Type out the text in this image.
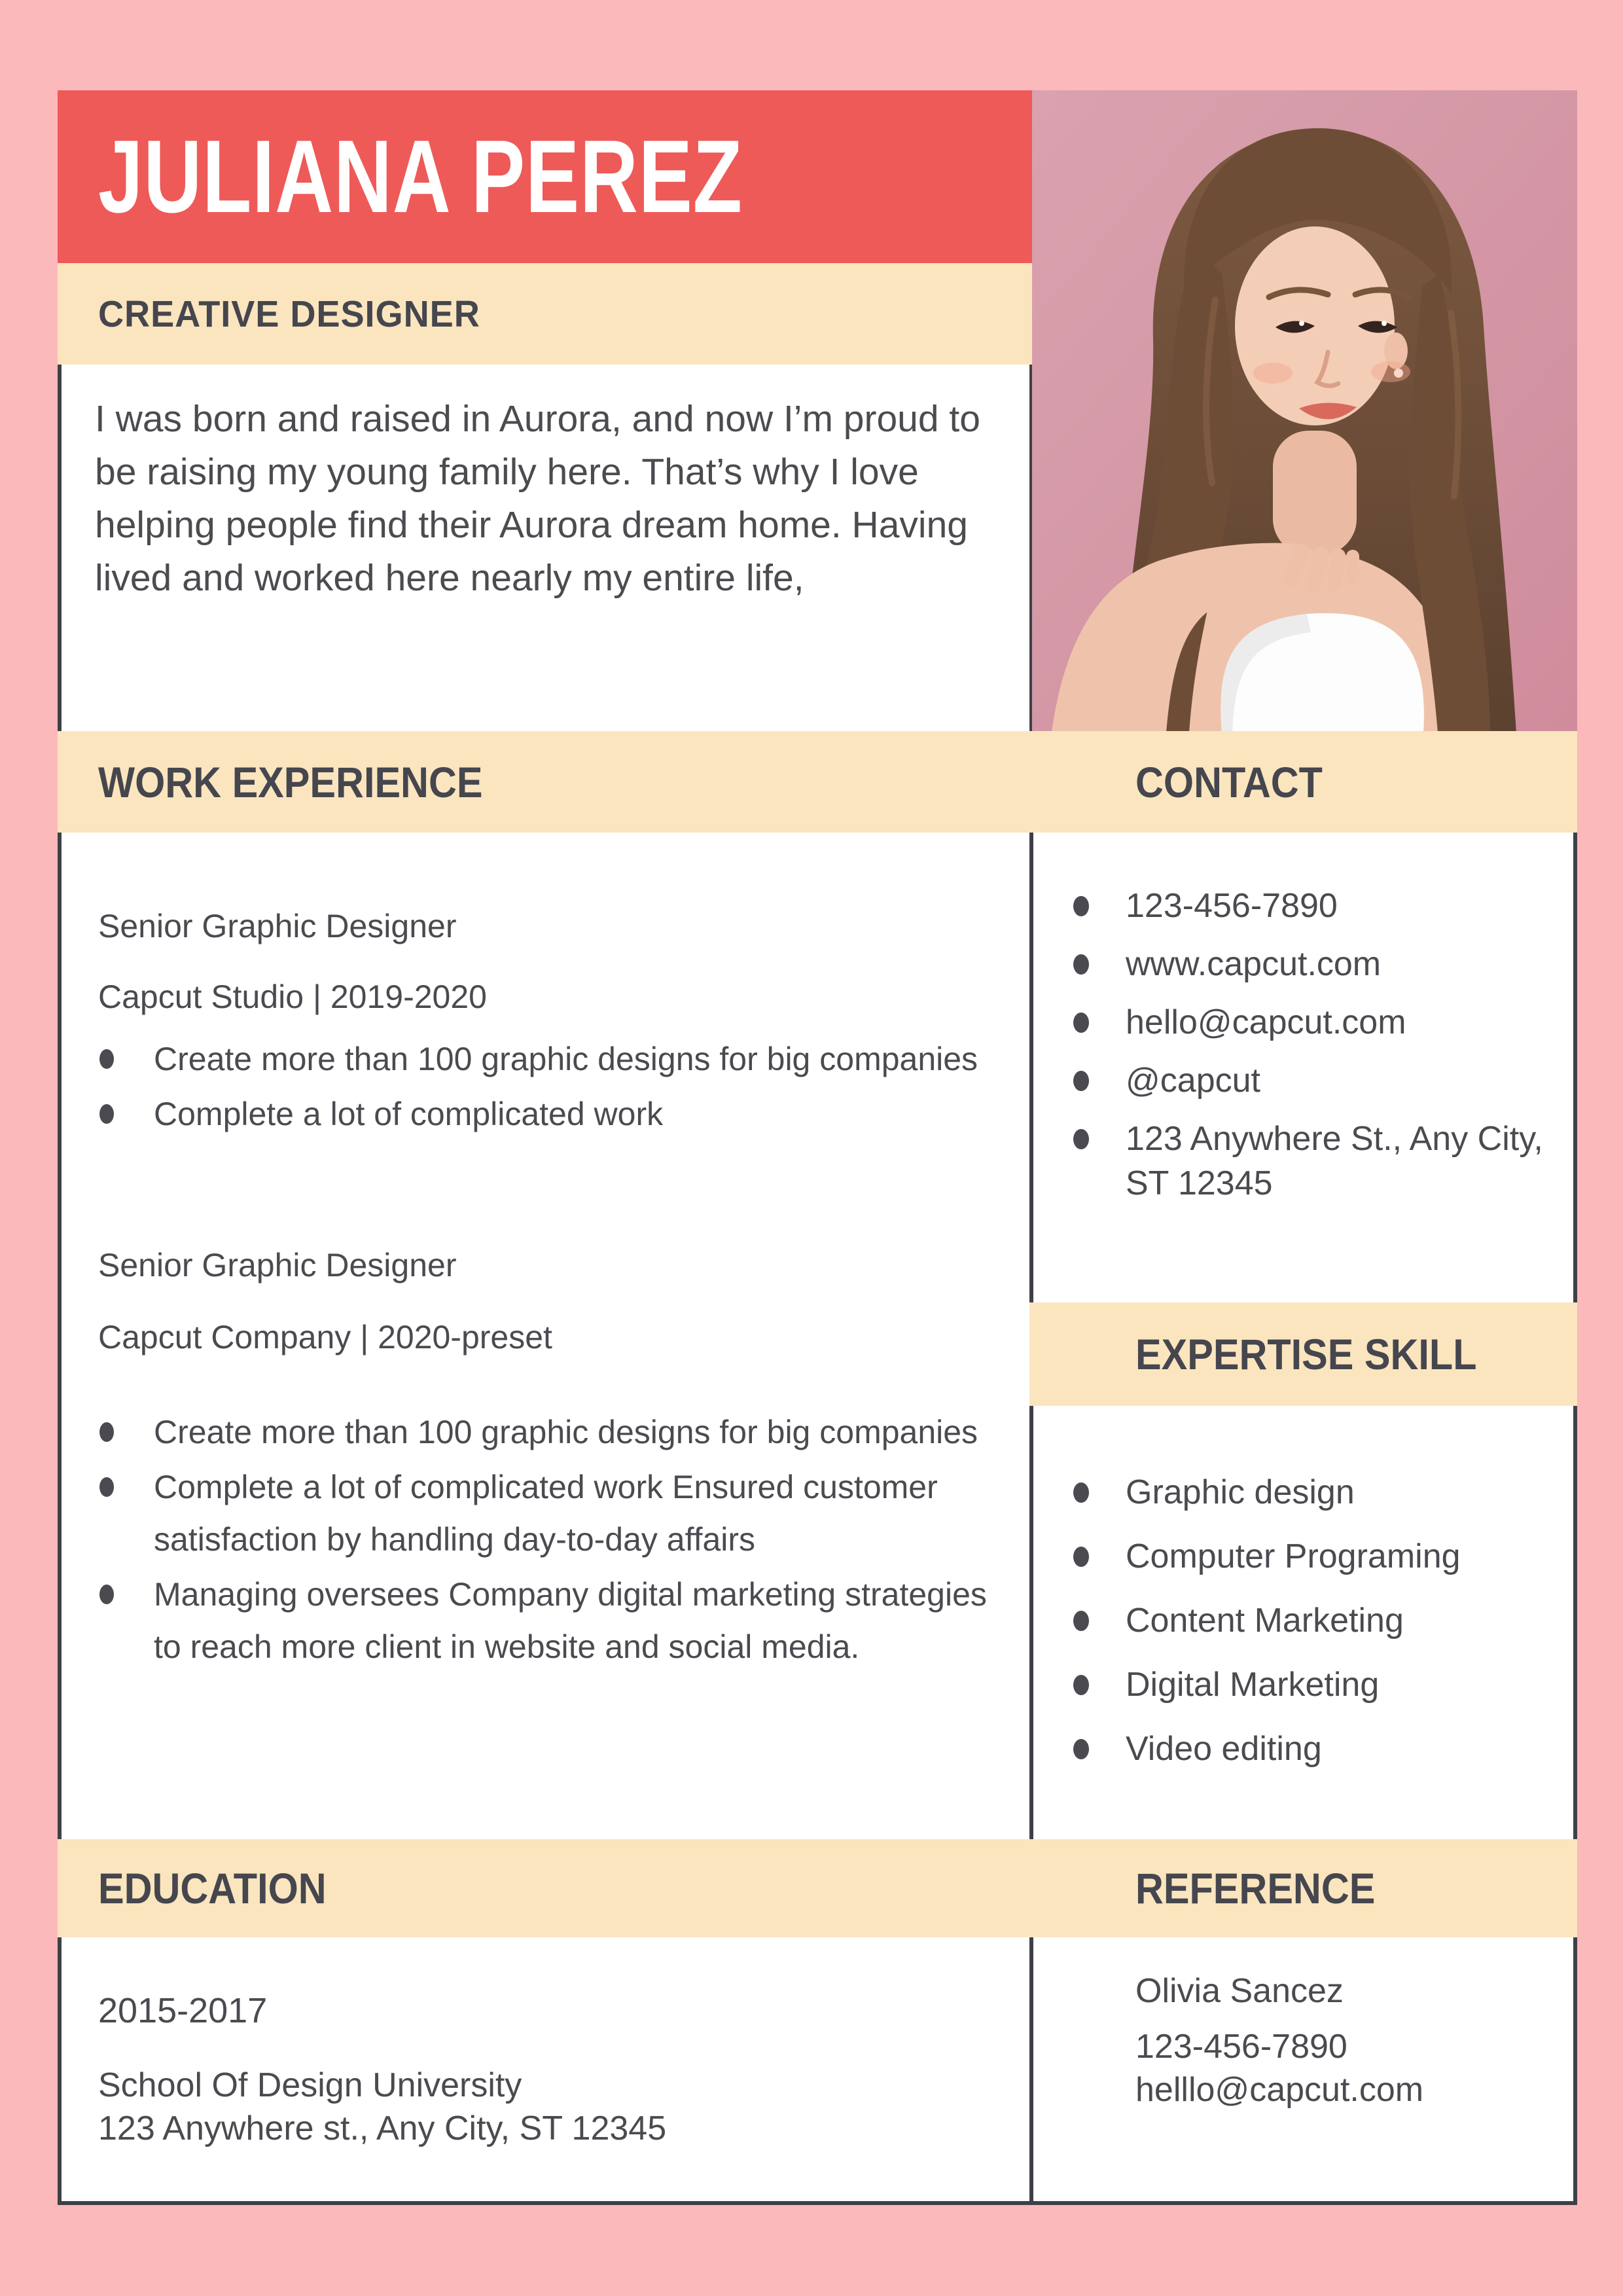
JULIANA PEREZ
CREATIVE DESIGNER

I was born and raised in Aurora, and now I’m proud to be raising my young family here. That’s why I love helping people find their Aurora dream home. Having lived and worked here nearly my entire life,

WORK EXPERIENCE	CONTACT
Senior Graphic Designer
Capcut Studio | 2019-2020
Create more than 100 graphic designs for big companies
Complete a lot of complicated work
Senior Graphic Designer
Capcut Company | 2020-preset
Create more than 100 graphic designs for big companies
Complete a lot of complicated work Ensured customer satisfaction by handling day-to-day affairs
Managing oversees Company digital marketing strategies to reach more client in website and social media.
123-456-7890
www.capcut.com
hello@capcut.com
@capcut
123 Anywhere St., Any City, ST 12345
EXPERTISE SKILL
Graphic design
Computer Programing
Content Marketing
Digital Marketing
Video editing
EDUCATION	REFERENCE
2015-2017
School Of Design University
123 Anywhere st., Any City, ST 12345
Olivia Sancez
123-456-7890
helllo@capcut.com
